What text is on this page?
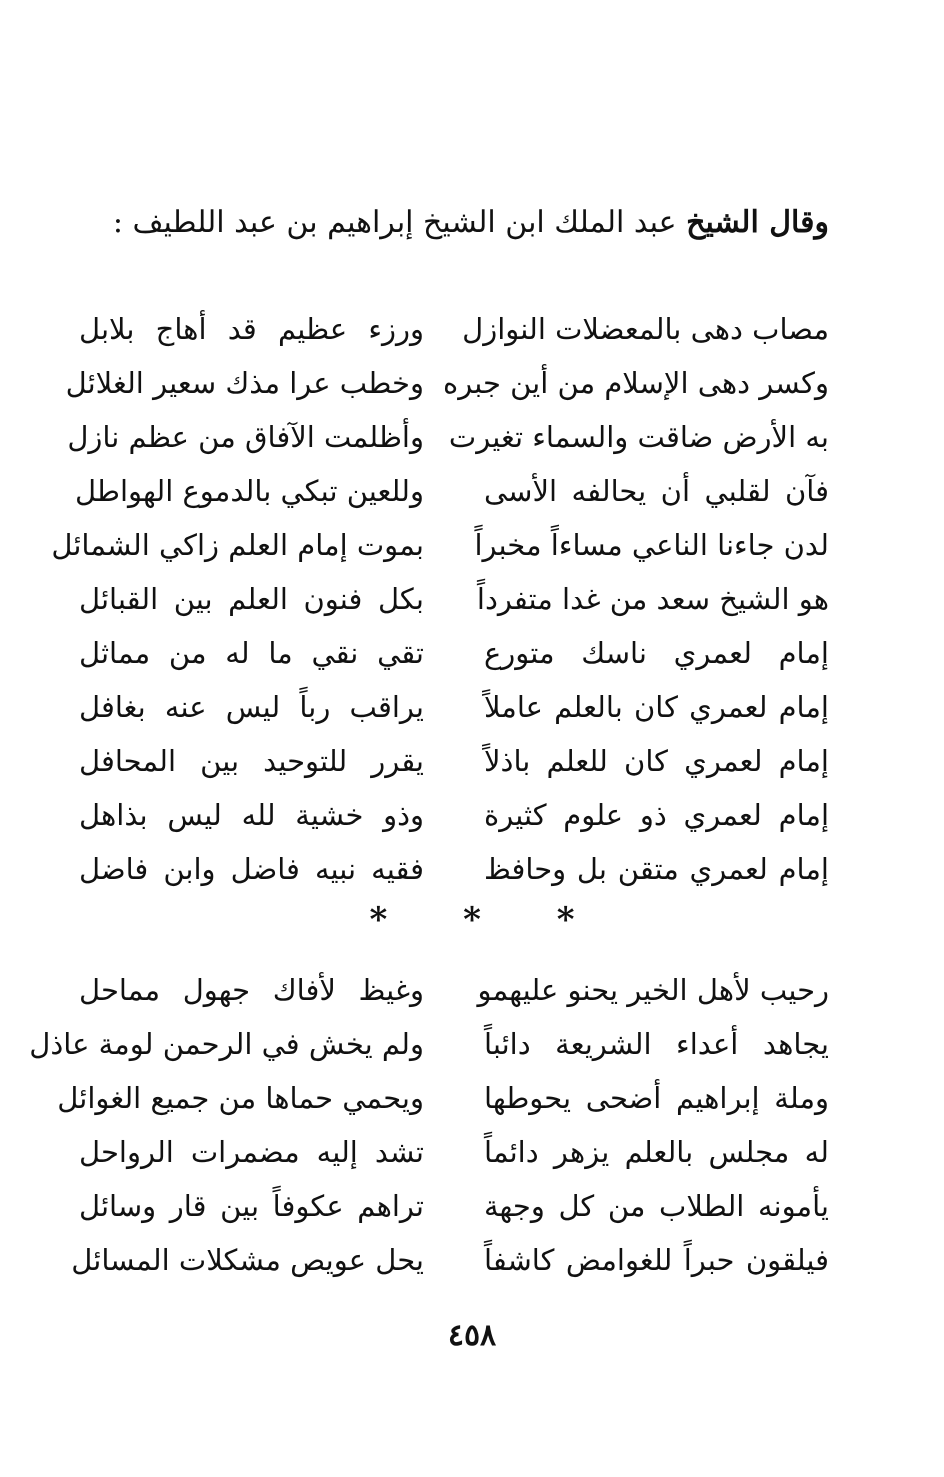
وقال الشيخ عبد الملك ابن الشيخ إبراهيم بن عبد اللطيف :
مصاب دهى بالمعضلات النوازل
ورزء عظيم قد أهاج بلابل
وكسر دهى الإسلام من أين جبره
وخطب عرا مذك سعير الغلائل
به الأرض ضاقت والسماء تغيرت
وأظلمت الآفاق من عظم نازل
فآن لقلبي أن يحالفه الأسى
وللعين تبكي بالدموع الهواطل
لدن جاءنا الناعي مساءاً مخبراً
بموت إمام العلم زاكي الشمائل
هو الشيخ سعد من غدا متفرداً
بكل فنون العلم بين القبائل
إمام لعمري ناسك متورع
تقي نقي ما له من مماثل
إمام لعمري كان بالعلم عاملاً
يراقب رباً ليس عنه بغافل
إمام لعمري كان للعلم باذلاً
يقرر للتوحيد بين المحافل
إمام لعمري ذو علوم كثيرة
وذو خشية لله ليس بذاهل
إمام لعمري متقن بل وحافظ
فقيه نبيه فاضل وابن فاضل
* * *
رحيب لأهل الخير يحنو عليهمو
وغيظ لأفاك جهول مماحل
يجاهد أعداء الشريعة دائباً
ولم يخش في الرحمن لومة عاذل
وملة إبراهيم أضحى يحوطها
ويحمي حماها من جميع الغوائل
له مجلس بالعلم يزهر دائماً
تشد إليه مضمرات الرواحل
يأمونه الطلاب من كل وجهة
تراهم عكوفاً بين قار وسائل
فيلقون حبراً للغوامض كاشفاً
يحل عويص مشكلات المسائل
٤٥٨
